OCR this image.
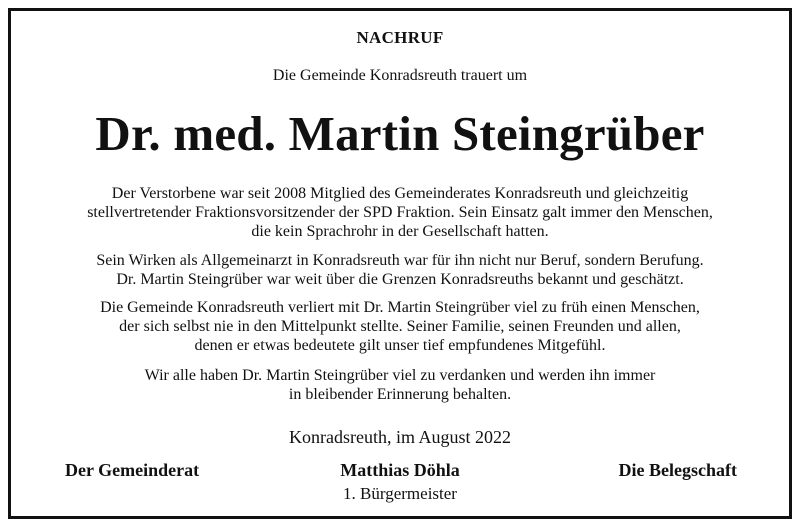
NACHRUF
Die Gemeinde Konradsreuth trauert um
Dr. med. Martin Steingrüber
Der Verstorbene war seit 2008 Mitglied des Gemeinderates Konradsreuth und gleichzeitig
stellvertretender Fraktionsvorsitzender der SPD Fraktion. Sein Einsatz galt immer den Menschen,
die kein Sprachrohr in der Gesellschaft hatten.
Sein Wirken als Allgemeinarzt in Konradsreuth war für ihn nicht nur Beruf, sondern Berufung.
Dr. Martin Steingrüber war weit über die Grenzen Konradsreuths bekannt und geschätzt.
Die Gemeinde Konradsreuth verliert mit Dr. Martin Steingrüber viel zu früh einen Menschen,
der sich selbst nie in den Mittelpunkt stellte. Seiner Familie, seinen Freunden und allen,
denen er etwas bedeutete gilt unser tief empfundenes Mitgefühl.
Wir alle haben Dr. Martin Steingrüber viel zu verdanken und werden ihn immer
in bleibender Erinnerung behalten.
Konradsreuth, im August 2022
Der Gemeinderat	Matthias Döhla	Die Belegschaft
1. Bürgermeister
